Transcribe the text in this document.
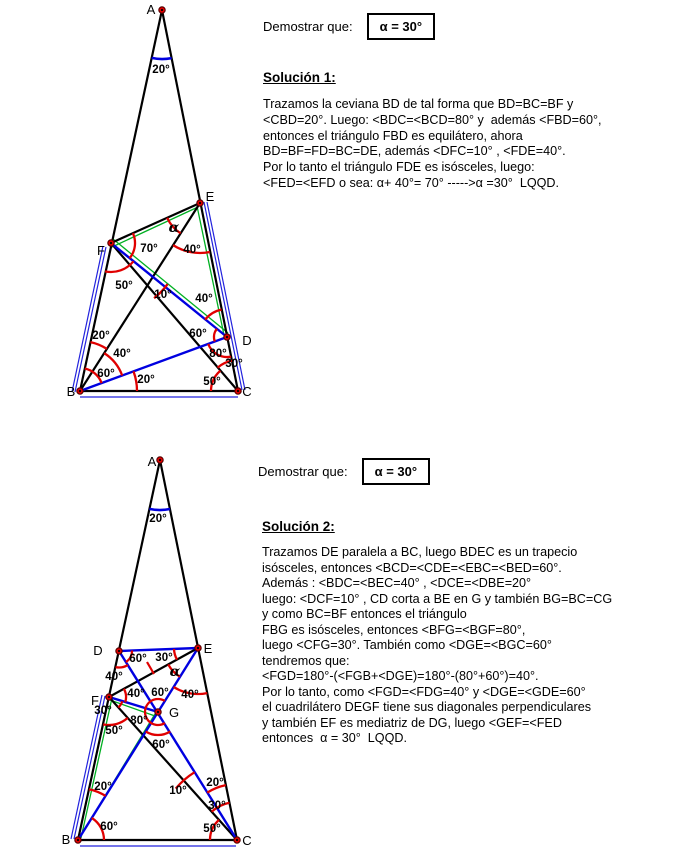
A
B	C
D
E
F
20°
α
70° 40°
50°
10° 40°
20°	60°
40°	80°
30°
60° 20°	50°
A
B	C
D	E
F
G
20°
60° 30°
40°	α
40° 60° 40°
30°
80°
50°
60°
20°
60°
10°
20°
30°
50°
Demostrar que:	α = 30°
Solución 1:
Trazamos la ceviana BD de tal forma que BD=BC=BF y
<CBD=20°. Luego: <BDC=<BCD=80° y  además <FBD=60°,
entonces el triángulo FBD es equilátero, ahora
BD=BF=FD=BC=DE, además <DFC=10° , <FDE=40°.
Por lo tanto el triángulo FDE es isósceles, luego:
<FED=<EFD o sea: α+ 40°= 70° ----->α =30°  LQQD.
Demostrar que:	α = 30°
Solución 2:
Trazamos DE paralela a BC, luego BDEC es un trapecio
isósceles, entonces <BCD=<CDE=<EBC=<BED=60°.
Además : <BDC=<BEC=40° , <DCE=<DBE=20°
luego: <DCF=10° , CD corta a BE en G y también BG=BC=CG
y como BC=BF entonces el triángulo
FBG es isósceles, entonces <BFG=<BGF=80°,
luego <CFG=30°. También como <DGE=<BGC=60°
tendremos que:
<FGD=180°-(<FGB+<DGE)=180°-(80°+60°)=40°.
Por lo tanto, como <FGD=<FDG=40° y <DGE=<GDE=60°
el cuadrilátero DEGF tiene sus diagonales perpendiculares
y también EF es mediatriz de DG, luego <GEF=<FED
entonces  α = 30°  LQQD.
